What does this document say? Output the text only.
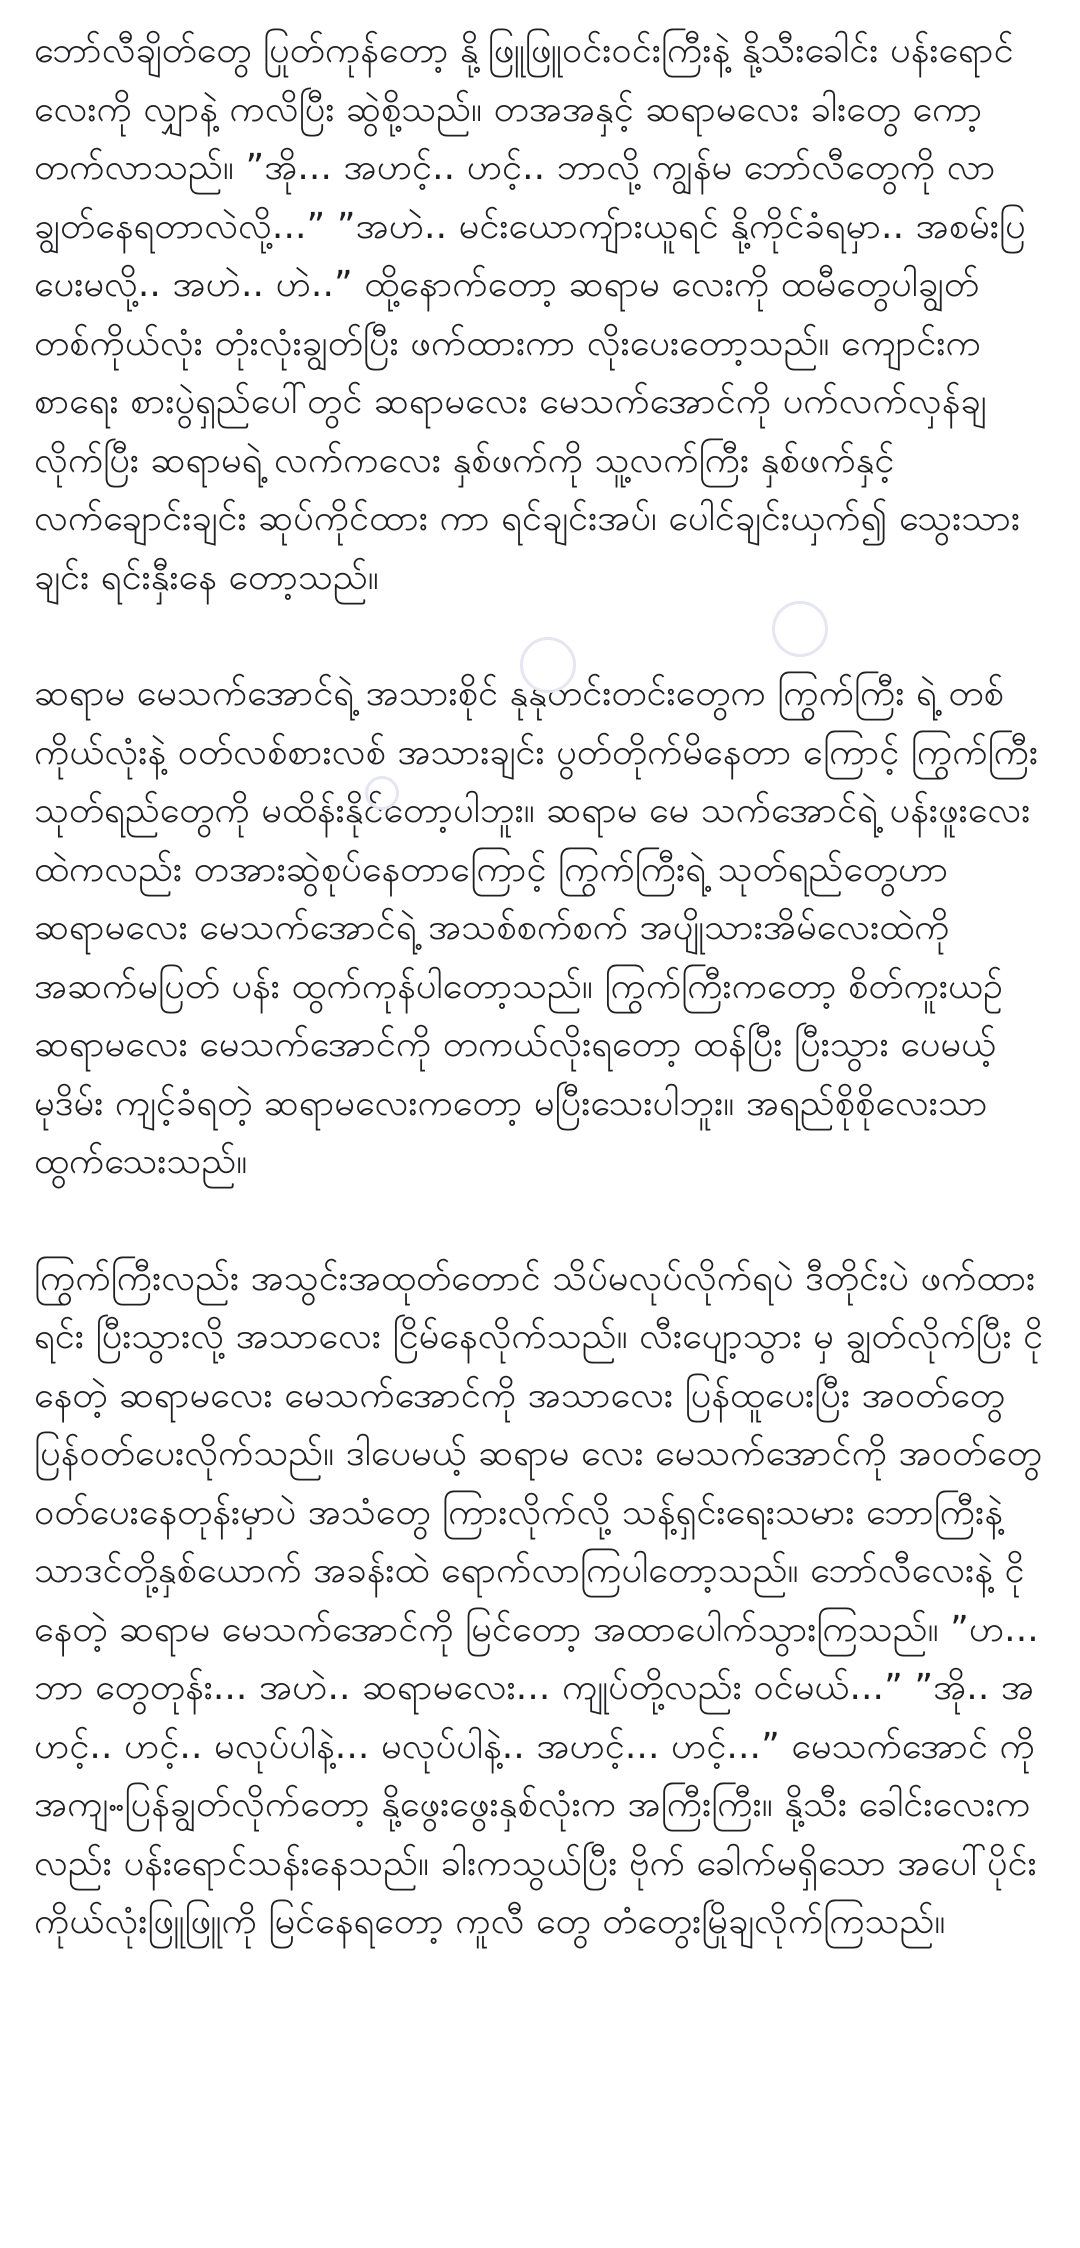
ဘော်လီချိတ်တွေ ပြုတ်ကုန်တော့ နို့ဖြူဖြူဝင်းဝင်းကြီးနဲ့ နို့သီးခေါင်း ပန်းရောင်လေးကို လျှာနဲ့ ကလိပြီး ဆွဲစို့သည်။ တအအနှင့် ဆရာမလေး ခါးတွေ ကော့တက်လာသည်။ ”အို... အဟင့်.. ဟင့်.. ဘာလို့ ကျွန်မ ဘော်လီတွေကို လာချွတ်နေရတာလဲလို့...” ”အဟဲ.. မင်းယောကျ်ားယူရင် နို့ကိုင်ခံရမှာ.. အစမ်းပြပေးမလို့.. အဟဲ.. ဟဲ..” ထို့နောက်တော့ ဆရာမ လေးကို ထမီတွေပါချွတ် တစ်ကိုယ်လုံး တုံးလုံးချွတ်ပြီး ဖက်ထားကာ လိုးပေးတော့သည်။ ကျောင်းက စာရေး စားပွဲရှည်ပေါ်တွင် ဆရာမလေး မေသက်အောင်ကို ပက်လက်လှန်ချလိုက်ပြီး ဆရာမရဲ့ လက်ကလေး နှစ်ဖက်ကို သူ့လက်ကြီး နှစ်ဖက်နှင့် လက်ချောင်းချင်း ဆုပ်ကိုင်ထား ကာ ရင်ချင်းအပ်၊ ပေါင်ချင်းယှက်၍ သွေးသားချင်း ရင်းနှီးနေ တော့သည်။

ဆရာမ မေသက်အောင်ရဲ့ အသားစိုင် နုနုတင်းတင်းတွေက ကြွက်ကြီး ရဲ့ တစ်ကိုယ်လုံးနဲ့ ဝတ်လစ်စားလစ် အသားချင်း ပွတ်တိုက်မိနေတာ ကြောင့် ကြွက်ကြီး သုတ်ရည်တွေကို မထိန်းနိုင်တော့ပါဘူး။ ဆရာမ မေ သက်အောင်ရဲ့ ပန်းဖူးလေးထဲကလည်း တအားဆွဲစုပ်နေတာကြောင့် ကြွက်ကြီးရဲ့ သုတ်ရည်တွေဟာ ဆရာမလေး မေသက်အောင်ရဲ့ အသစ်စက်စက် အပျိုသားအိမ်လေးထဲကို အဆက်မပြတ် ပန်း ထွက်ကုန်ပါတော့သည်။ ကြွက်ကြီးကတော့ စိတ်ကူးယဉ် ဆရာမလေး မေသက်အောင်ကို တကယ်လိုးရတော့ ထန်ပြီး ပြီးသွား ပေမယ့် မုဒိမ်း ကျင့်ခံရတဲ့ ဆရာမလေးကတော့ မပြီးသေးပါဘူး။ အရည်စိုစိုလေးသာ ထွက်သေးသည်။

ကြွက်ကြီးလည်း အသွင်းအထုတ်တောင် သိပ်မလုပ်လိုက်ရပဲ ဒီတိုင်းပဲ ဖက်ထားရင်း ပြီးသွားလို့ အသာလေး ငြိမ်နေလိုက်သည်။ လီးပျော့သွား မှ ချွတ်လိုက်ပြီး ငိုနေတဲ့ ဆရာမလေး မေသက်အောင်ကို အသာလေး ပြန်ထူပေးပြီး အဝတ်တွေ ပြန်ဝတ်ပေးလိုက်သည်။ ဒါပေမယ့် ဆရာမ လေး မေသက်အောင်ကို အဝတ်တွေ ဝတ်ပေးနေတုန်းမှာပဲ အသံတွေ ကြားလိုက်လို့ သန့်ရှင်းရေးသမား ဘောကြီးနဲ့ သာဒင်တို့နှစ်ယောက် အခန်းထဲ ရောက်လာကြပါတော့သည်။ ဘော်လီလေးနဲ့ ငိုနေတဲ့ ဆရာမ မေသက်အောင်ကို မြင်တော့ အထာပေါက်သွားကြသည်။ ”ဟ... ဘာ တွေတုန်း... အဟဲ.. ဆရာမလေး... ကျုပ်တို့လည်း ဝင်မယ်...” ”အို.. အ ဟင့်.. ဟင့်.. မလုပ်ပါနဲ့... မလုပ်ပါနဲ့.. အဟင့်... ဟင့်...” မေသက်အောင် ကို အကျႌပြန်ချွတ်လိုက်တော့ နို့ဖွေးဖွေးနှစ်လုံးက အကြီးကြီး။ နို့သီး ခေါင်းလေးကလည်း ပန်းရောင်သန်းနေသည်။ ခါးကသွယ်ပြီး ဗိုက် ခေါက်မရှိသော အပေါ်ပိုင်း ကိုယ်လုံးဖြူဖြူကို မြင်နေရတော့ ကူလီ တွေ တံတွေးမြိုချလိုက်ကြသည်။
